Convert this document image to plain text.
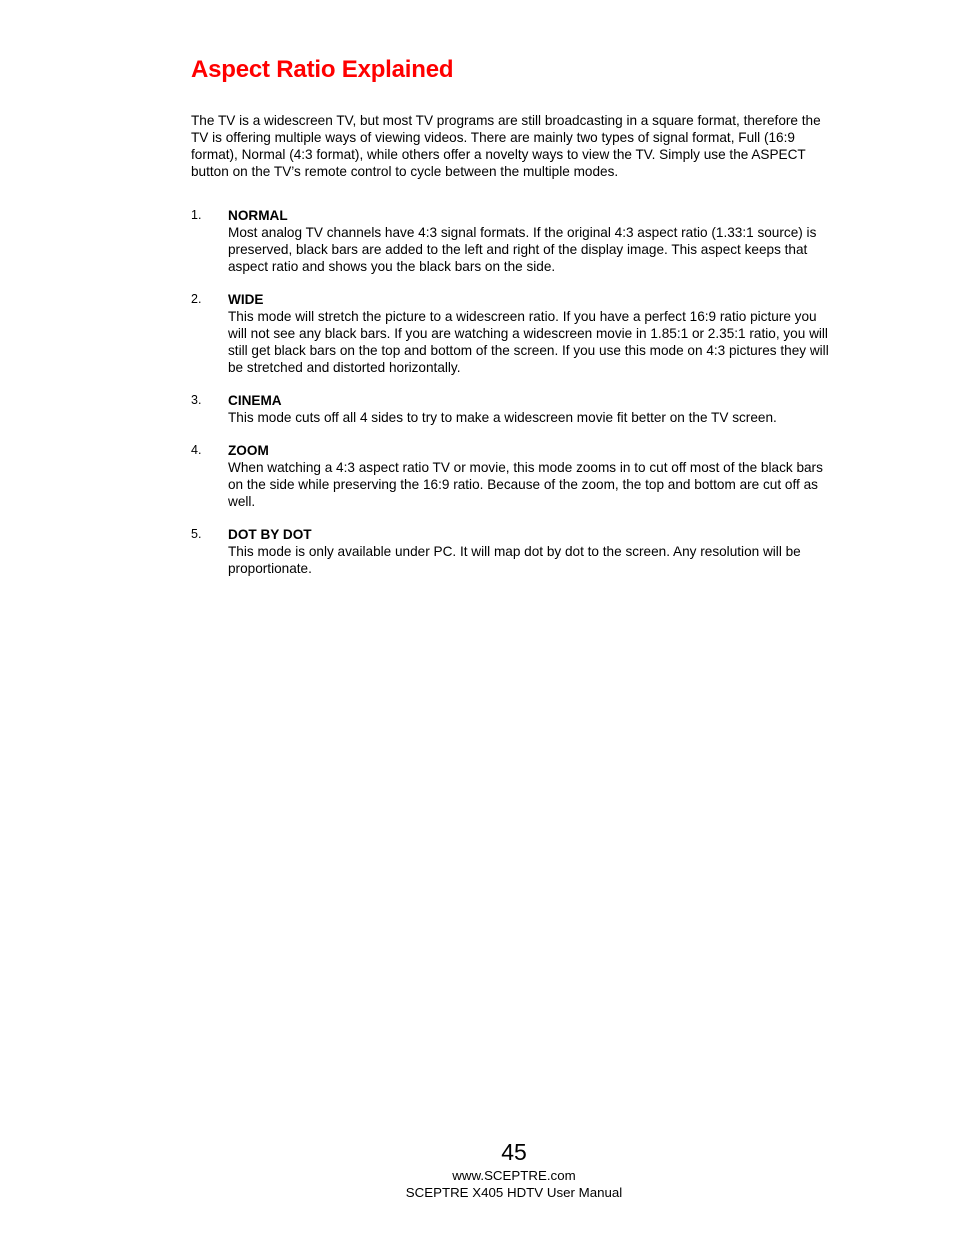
Aspect Ratio Explained

The TV is a widescreen TV, but most TV programs are still broadcasting in a square format, therefore the TV is offering multiple ways of viewing videos. There are mainly two types of signal format, Full (16:9 format), Normal (4:3 format), while others offer a novelty ways to view the TV. Simply use the ASPECT button on the TV’s remote control to cycle between the multiple modes.

1. NORMAL
Most analog TV channels have 4:3 signal formats. If the original 4:3 aspect ratio (1.33:1 source) is preserved, black bars are added to the left and right of the display image. This aspect keeps that aspect ratio and shows you the black bars on the side.
2. WIDE
This mode will stretch the picture to a widescreen ratio. If you have a perfect 16:9 ratio picture you will not see any black bars. If you are watching a widescreen movie in 1.85:1 or 2.35:1 ratio, you will still get black bars on the top and bottom of the screen. If you use this mode on 4:3 pictures they will be stretched and distorted horizontally.
3. CINEMA
This mode cuts off all 4 sides to try to make a widescreen movie fit better on the TV screen.
4. ZOOM
When watching a 4:3 aspect ratio TV or movie, this mode zooms in to cut off most of the black bars on the side while preserving the 16:9 ratio. Because of the zoom, the top and bottom are cut off as well.
5. DOT BY DOT
This mode is only available under PC. It will map dot by dot to the screen. Any resolution will be proportionate.
45
www.SCEPTRE.com
SCEPTRE X405 HDTV User Manual
